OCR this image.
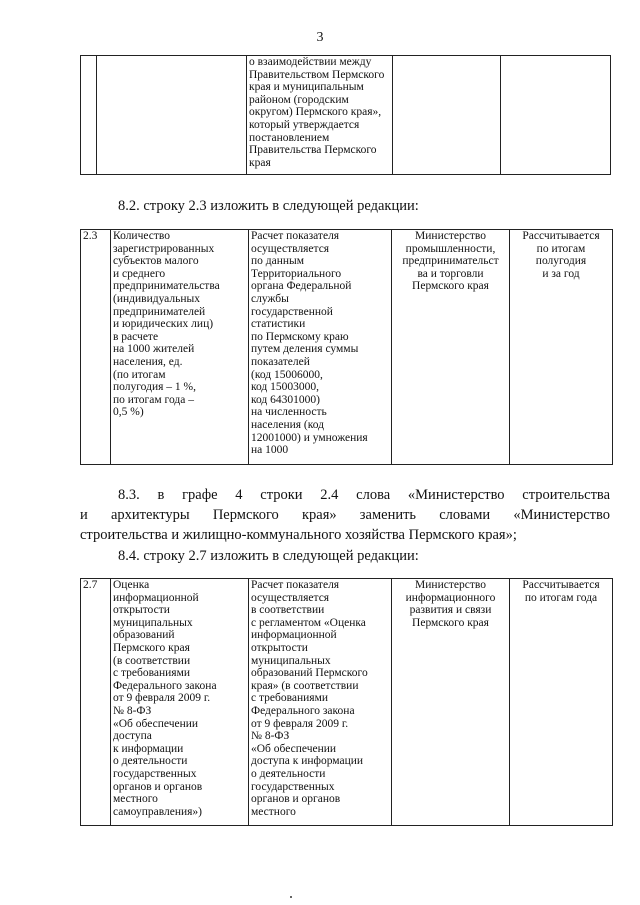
3
		о взаимодействии между
Правительством Пермского
края и муниципальным
районом (городским
округом) Пермского края»,
который утверждается
постановлением
Правительства Пермского
края		
8.2. строку 2.3 изложить в следующей редакции:
2.3	Количество
зарегистрированных
субъектов малого
и среднего
предпринимательства
(индивидуальных
предпринимателей
и юридических лиц)
в расчете
на 1000 жителей
населения, ед.
(по итогам
полугодия – 1 %,
по итогам года –
0,5 %)	Расчет показателя
осуществляется
по данным
Территориального
органа Федеральной
службы
государственной
статистики
по Пермскому краю
путем деления суммы
показателей
(код 15006000,
код 15003000,
код 64301000)
на численность
населения (код
12001000) и умножения
на 1000	Министерство
промышленности,
предпринимательст
ва и торговли
Пермского края	Рассчитывается
по итогам
полугодия
и за год
8.3. в графе 4 строки 2.4 слова «Министерство строительства
и архитектуры Пермского края» заменить словами «Министерство
строительства и жилищно-коммунального хозяйства Пермского края»;
8.4. строку 2.7 изложить в следующей редакции:
2.7	Оценка
информационной
открытости
муниципальных
образований
Пермского края
(в соответствии
с требованиями
Федерального закона
от 9 февраля 2009 г.
№ 8-ФЗ
«Об обеспечении
доступа
к информации
о деятельности
государственных
органов и органов
местного
самоуправления»)	Расчет показателя
осуществляется
в соответствии
с регламентом «Оценка
информационной
открытости
муниципальных
образований Пермского
края» (в соответствии
с требованиями
Федерального закона
от 9 февраля 2009 г.
№ 8-ФЗ
«Об обеспечении
доступа к информации
о деятельности
государственных
органов и органов
местного	Министерство
информационного
развития и связи
Пермского края	Рассчитывается
по итогам года
